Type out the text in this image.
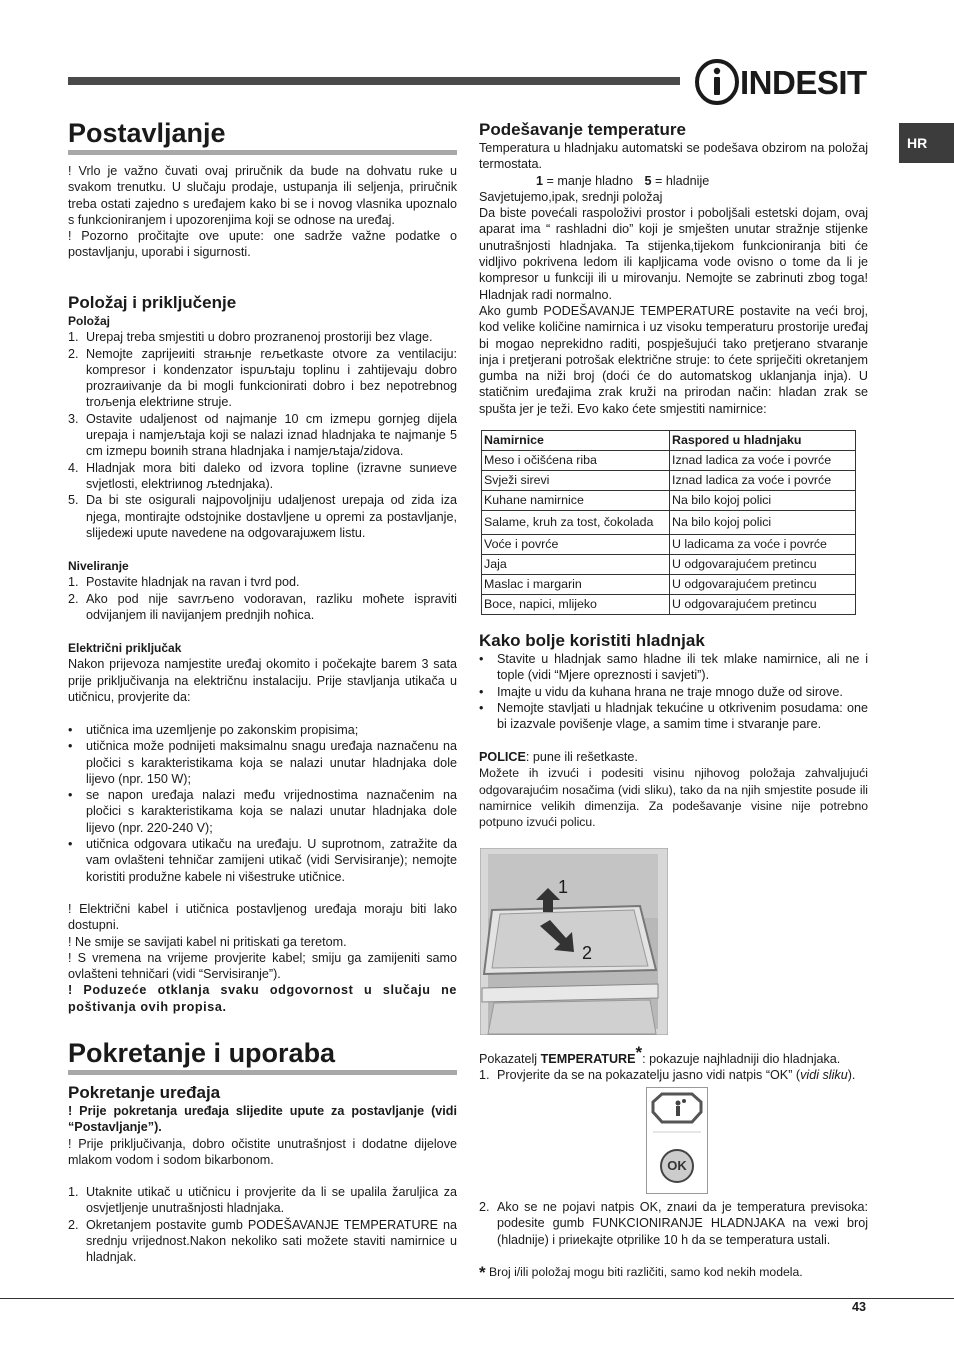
INDESIT
HR
Postavljanje

! Vrlo je važno čuvati ovaj priručnik da bude na dohvatu ruke u svakom trenutku. U slučaju prodaje, ustupanja ili seljenja, priručnik treba ostati zajedno s uređajem kako bi se i novog vlasnika upoznalo s funkcioniranjem i upozorenjima koji se odnose na uređaj.

! Pozorno pročitajte ove upute: one sadrže važne podatke o postavljanju, uporabi i sigurnosti.

Položaj i priključenje
Položaj
1. Urepaj treba smjestiti u dobro prozranеnoj prostoriji bez vlage.
2. Nemojte zaprijeиiti straњnje reљetkaste otvore za ventilaciju: kompresor i kondenzator ispuљtaju toplinu i zahtijevaju dobro prozraиivanje da bi mogli funkcionirati dobro i bez nepotrebnog troљenja elektriиne struje.
3. Ostavite udaljenost od najmanje 10 cm izmepu gornjeg dijela urepaja i namjeљtaja koji se nalazi iznad hladnjaka te najmanje 5 cm izmepu boиnih strana hladnjaka i namjeљtaja/zidova.
4. Hladnjak mora biti daleko od izvora topline (izravne sunиeve svjetlosti, elektriиnog љtednjaka).
5. Da bi ste osigurali najpovoljniju udaljenost urepaja od zida iza njega, montirajte odstojnike dostavljene u opremi za postavljanje, slijedeжi upute navedene na odgovarajuжem listu.
Niveliranje
1. Postavite hladnjak na ravan i tvrd pod.
2. Ako pod nije savrљeno vodoravan, razliku moћete ispraviti odvijanjem ili navijanjem prednjih noћica.
Električni priključak

Nakon prijevoza namjestite uređaj okomito i počekajte barem 3 sata prije priključivanja na električnu instalaciju. Prije stavljanja utikača u utičnicu, provjerite da:

•	utičnica ima uzemljenje po zakonskim propisima;
•	utičnica može podnijeti maksimalnu snagu uređaja naznačenu na pločici s karakteristikama koja se nalazi unutar hladnjaka dole lijevo (npr. 150 W);
•	se napon uređaja nalazi među vrijednostima naznačenim na pločici s karakteristikama koja se nalazi unutar hladnjaka dole lijevo (npr. 220-240 V);
•	utičnica odgovara utikaču na uređaju. U suprotnom, zatražite da vam ovlašteni tehničar zamijeni utikač (vidi Servisiranje); nemojte koristiti produžne kabele ni višestruke utičnice.

! Električni kabel i utičnica postavljenog uređaja moraju biti lako dostupni.

! Ne smije se savijati kabel ni pritiskati ga teretom.

! S vremena na vrijeme provjerite kabel; smiju ga zamijeniti samo ovlašteni tehničari (vidi “Servisiranje”).

! Poduzeće otklanja svaku odgovornost u slučaju ne poštivanja ovih propisa.

Pokretanje i uporaba
Pokretanje uređaja

! Prije pokretanja uređaja slijedite upute za postavljanje (vidi “Postavljanje”).

! Prije priključivanja, dobro očistite unutrašnjost i dodatne dijelove mlakom vodom i sodom bikarbonom.

1. Utaknite utikač u utičnicu i provjerite da li se upalila žaruljica za osvjetljenje unutrašnjosti hladnjaka.
2. Okretanjem postavite gumb PODEŠAVANJE TEMPERATURE na srednju vrijednost.Nakon nekoliko sati možete staviti namirnice u hladnjak.
Podešavanje temperature

Temperatura u hladnjaku automatski se podešava obzirom na položaj termostata.

1 = manje hladno 5 = hladnije

Savjetujemo,ipak, srednji položaj

Da biste povećali raspoloživi prostor i poboljšali estetski dojam, ovaj aparat ima “ rashladni dio” koji je smješten unutar stražnje stijenke unutrašnjosti hladnjaka. Ta stijenka,tijekom funkcioniranja biti će vidljivo pokrivena ledom ili kapljicama vode ovisno o tome da li je kompresor u funkciji ili u mirovanju. Nemojte se zabrinuti zbog toga! Hladnjak radi normalno.

Ako gumb PODEŠAVANJE TEMPERATURE postavite na veći broj, kod velike količine namirnica i uz visoku temperaturu prostorije uređaj bi mogao neprekidno raditi, pospješujući tako pretjerano stvaranje inja i pretjerani potrošak električne struje: to ćete spriječiti okretanjem gumba na niži broj (doći će do automatskog uklanjanja inja). U statičnim uređajima zrak kruži na prirodan način: hladan zrak se spušta jer je teži. Evo kako ćete smjestiti namirnice:

Namirnice	Raspored u hladnjaku
Meso i očišćena riba	Iznad ladica za voće i povrće
Svježi sirevi	Iznad ladica za voće i povrće
Kuhane namirnice	Na bilo kojoj polici
Salame, kruh za tost, čokolada	Na bilo kojoj polici
Voće i povrće	U ladicama za voće i povrće
Jaja	U odgovarajućem pretincu
Maslac i margarin	U odgovarajućem pretincu
Boce, napici, mlijeko	U odgovarajućem pretincu
Kako bolje koristiti hladnjak
•	Stavite u hladnjak samo hladne ili tek mlake namirnice, ali ne i tople (vidi “Mjere opreznosti i savjeti”).
•	Imajte u vidu da kuhana hrana ne traje mnogo duže od sirove.
•	Nemojte stavljati u hladnjak tekućine u otkrivenim posudama: one bi izazvale povišenje vlage, a samim time i stvaranje pare.

POLICE: pune ili rešetkaste.

Možete ih izvući i podesiti visinu njihovog položaja zahvaljujući odgovarajućim nosačima (vidi sliku), tako da na njih smjestite posude ili namirnice velikih dimenzija. Za podešavanje visine nije potrebno potpuno izvući policu.

1
2

Pokazatelj TEMPERATURE*: pokazuje najhladniji dio hladnjaka.

1. Provjerite da se na pokazatelju jasno vidi natpis “OK” (vidi sliku).
OK
2. Ako se ne pojavi natpis OK, znaиi da je temperatura previsoka: podesite gumb FUNKCIONIRANJE HLADNJAKA na veжi broj (hladnije) i priиekajte otprilike 10 h da se temperatura ustali.
* Broj i/ili položaj mogu biti različiti, samo kod nekih modela.
43
